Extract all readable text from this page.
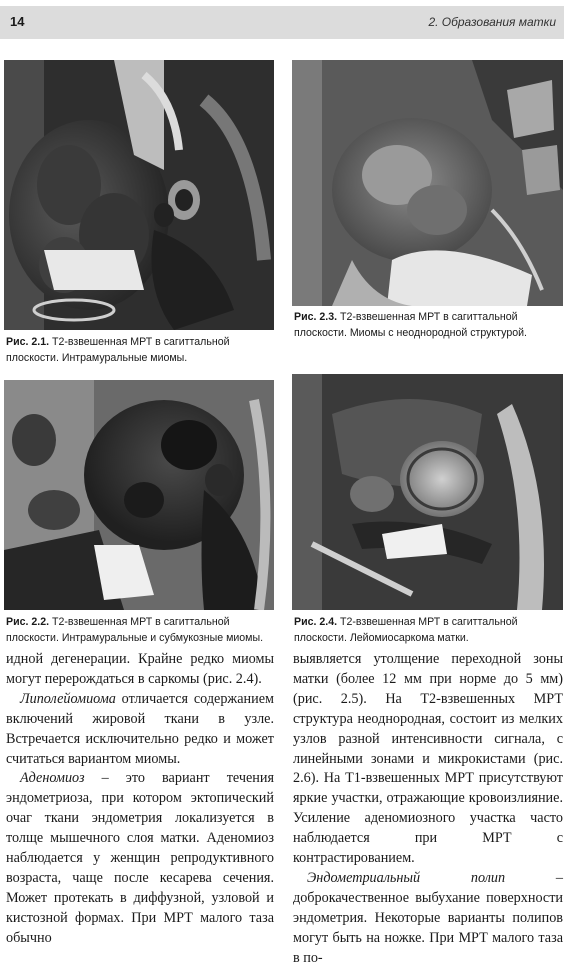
14	2. Образования матки
Рис. 2.1. T2-взвешенная МРТ в сагиттальной плоскости. Интрамуральные миомы.
Рис. 2.3. T2-взвешенная МРТ в сагиттальной плоскости. Миомы с неоднородной структурой.
Рис. 2.2. T2-взвешенная МРТ в сагиттальной плоскости. Интрамуральные и субмукозные миомы.
Рис. 2.4. T2-взвешенная МРТ в сагиттальной плоскости. Лейомиосаркома матки.

идной дегенерации. Крайне редко миомы могут перерождаться в саркомы (рис. 2.4).

Липолейомиома отличается содержанием включений жировой ткани в узле. Встречается исключительно редко и может считаться вариантом миомы.

Аденомиоз – это вариант течения эндометриоза, при котором эктопический очаг ткани эндометрия локализуется в толще мышечного слоя матки. Аденомиоз наблюдается у женщин репродуктивного возраста, чаще после кесарева сечения. Может протекать в диффузной, узловой и кистозной формах. При МРТ малого таза обычно

выявляется утолщение переходной зоны матки (более 12 мм при норме до 5 мм) (рис. 2.5). На T2-взвешенных МРТ структура неоднородная, состоит из мелких узлов разной интенсивности сигнала, с линейными зонами и микрокистами (рис. 2.6). На T1-взвешенных МРТ присутствуют яркие участки, отражающие кровоизлияние. Усиление аденомиозного участка часто наблюдается при МРТ с контрастированием.

Эндометриальный полип – доброкачественное выбухание поверхности эндометрия. Некоторые варианты полипов могут быть на ножке. При МРТ малого таза в по-
